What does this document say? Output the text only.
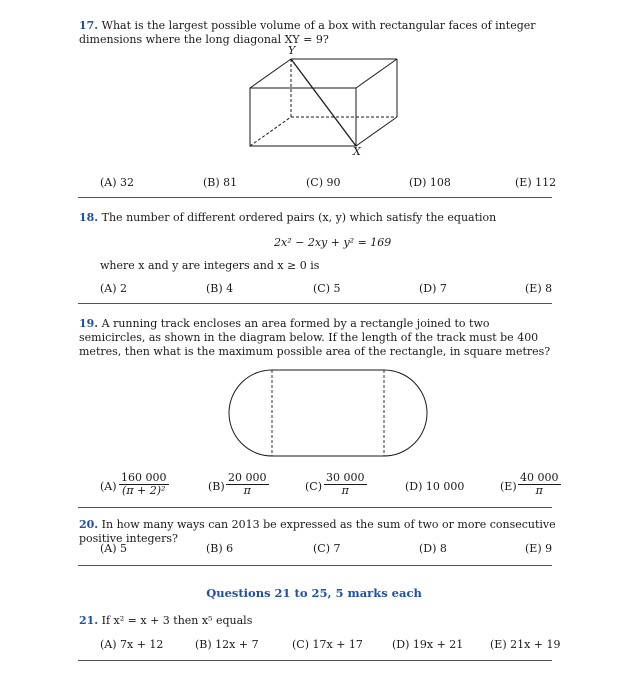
17. What is the largest possible volume of a box with rectangular faces of integer dimensions where the long diagonal XY = 9?
Y
X
(A) 32	(B) 81	(C) 90	(D) 108	(E) 112
18. The number of different ordered pairs (x, y) which satisfy the equation
2x² − 2xy + y² = 169
where x and y are integers and x ≥ 0 is
(A) 2	(B) 4	(C) 5	(D) 7	(E) 8
19. A running track encloses an area formed by a rectangle joined to two semicircles, as shown in the diagram below. If the length of the track must be 400 metres, then what is the maximum possible area of the rectangle, in square metres?
$(A) \frac{160 000}{\text{(π + 2)²}}$	$(B) \frac{20 000}{\pi}$	$(C) \frac{30 000}{\pi}$	(D) 10 000	$(E) \frac{40 000}{\pi}$
20. In how many ways can 2013 be expressed as the sum of two or more consecutive positive integers?
(A) 5	(B) 6	(C) 7	(D) 8	(E) 9
Questions 21 to 25, 5 marks each
21. If x² = x + 3 then x⁵ equals
(A) 7x + 12	(B) 12x + 7	(C) 17x + 17	(D) 19x + 21 (E) 21x + 19
